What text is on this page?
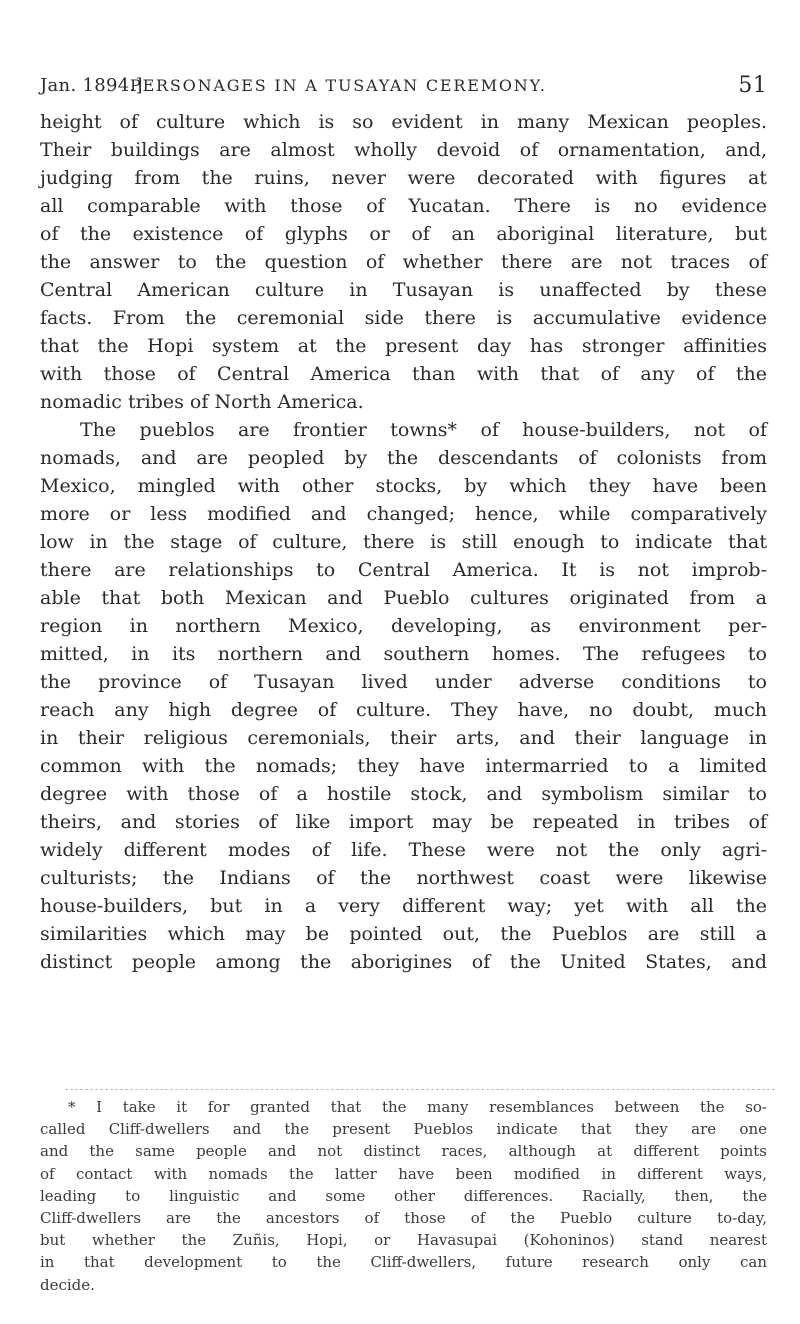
Jan. 1894.]
PERSONAGES IN A TUSAYAN CEREMONY.	51
height of culture which is so evident in many Mexican peoples.
Their buildings are almost wholly devoid of ornamentation, and,
judging from the ruins, never were decorated with figures at
all comparable with those of Yucatan. There is no evidence
of the existence of glyphs or of an aboriginal literature, but
the answer to the question of whether there are not traces of
Central American culture in Tusayan is unaffected by these
facts. From the ceremonial side there is accumulative evidence
that the Hopi system at the present day has stronger affinities
with those of Central America than with that of any of the
nomadic tribes of North America.
The pueblos are frontier towns* of house-builders, not of
nomads, and are peopled by the descendants of colonists from
Mexico, mingled with other stocks, by which they have been
more or less modified and changed; hence, while comparatively
low in the stage of culture, there is still enough to indicate that
there are relationships to Central America. It is not improb-
able that both Mexican and Pueblo cultures originated from a
region in northern Mexico, developing, as environment per-
mitted, in its northern and southern homes. The refugees to
the province of Tusayan lived under adverse conditions to
reach any high degree of culture. They have, no doubt, much
in their religious ceremonials, their arts, and their language in
common with the nomads; they have intermarried to a limited
degree with those of a hostile stock, and symbolism similar to
theirs, and stories of like import may be repeated in tribes of
widely different modes of life. These were not the only agri-
culturists; the Indians of the northwest coast were likewise
house-builders, but in a very different way; yet with all the
similarities which may be pointed out, the Pueblos are still a
distinct people among the aborigines of the United States, and
* I take it for granted that the many resemblances between the so-
called Cliff-dwellers and the present Pueblos indicate that they are one
and the same people and not distinct races, although at different points
of contact with nomads the latter have been modified in different ways,
leading to linguistic and some other differences. Racially, then, the
Cliff-dwellers are the ancestors of those of the Pueblo culture to-day,
but whether the Zuñis, Hopi, or Havasupai (Kohoninos) stand nearest
in that development to the Cliff-dwellers, future research only can
decide.
